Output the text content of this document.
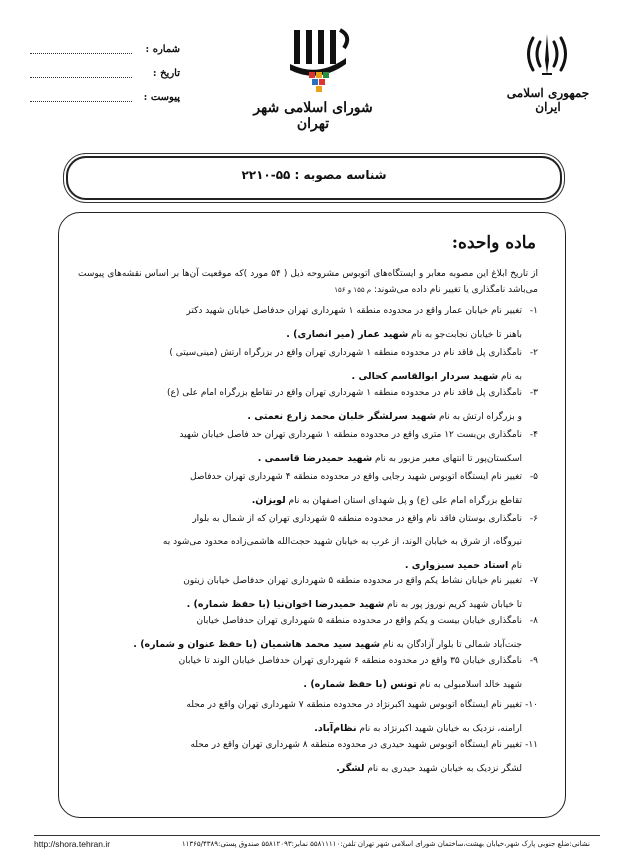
جمهوری اسلامی ایران
شورای اسلامی شهر تهران
شماره :
تاریخ :
پیوست :
شناسه مصوبه : ۵۵-۲۲۱۰
ماده واحده:
از تاریخ ابلاغ این مصوبه معابر و ایستگاه‌های اتوبوس مشروحه ذیل ( ۵۴ مورد )که موقعیت آن‌ها بر اساس نقشه‌های پیوست می‌باشد نامگذاری یا تغییر نام داده می‌شوند: م ۱۵۵ و ۱۵۶

۱-تغییر نام خیابان عمار واقع در محدوده منطقه ۱ شهرداری تهران حدفاصل خیابان شهید دکتر

باهنر تا خیابان نجابت‌جو به نام شهید عمار (میر انصاری) .

۲-نامگذاری پل فاقد نام در محدوده منطقه ۱ شهرداری تهران واقع در بزرگراه ارتش (مینی‌سیتی )

به نام شهید سردار ابوالقاسم کحالی .

۳-نامگذاری پل فاقد نام در محدوده منطقه ۱ شهرداری تهران واقع در تقاطع بزرگراه امام علی (ع)

و بزرگراه ارتش به نام شهید سرلشگر خلبان محمد زارع نعمتی .

۴-نامگذاری بن‌بست ۱۲ متری واقع در محدوده منطقه ۱ شهرداری تهران حد فاصل خیابان شهید

اسکستان‌پور تا انتهای معبر مزبور به نام شهید حمیدرضا قاسمی .

۵-تغییر نام ایستگاه اتوبوس شهید رجایی واقع در محدوده منطقه ۴ شهرداری تهران حدفاصل

تقاطع بزرگراه امام علی (ع) و پل شهدای استان اصفهان به نام لویزان.

۶-نامگذاری بوستان فاقد نام واقع در محدوده منطقه ۵ شهرداری تهران که از شمال به بلوار

نیروگاه، از شرق به خیابان الوند، از غرب به خیابان شهید حجت‌الله هاشمی‌زاده محدود می‌شود به

نام استاد حمید سبزواری .

۷-تغییر نام خیابان نشاط یکم واقع در محدوده منطقه ۵ شهرداری تهران حدفاصل خیابان زیتون

تا خیابان شهید کریم نوروز پور به نام شهید حمیدرضا اخوان‌نیا (با حفظ شماره) .

۸-نامگذاری خیابان بیست و یکم واقع در محدوده منطقه ۵ شهرداری تهران حدفاصل خیابان

جنت‌آباد شمالی تا بلوار آزادگان به نام شهید سید محمد هاشمیان (با حفظ عنوان و شماره) .

۹-نامگذاری خیابان ۳۵ واقع در محدوده منطقه ۶ شهرداری تهران حدفاصل خیابان الوند تا خیابان

شهید خالد اسلامبولی به نام تونس (با حفظ شماره) .

۱۰-تغییر نام ایستگاه اتوبوس شهید اکبرنژاد در محدوده منطقه ۷ شهرداری تهران واقع در محله

ارامنه، نزدیک به خیابان شهید اکبرنژاد به نام نظام‌آباد.

۱۱-تغییر نام ایستگاه اتوبوس شهید حیدری در محدوده منطقه ۸ شهرداری تهران واقع در محله

لشگر نزدیک به خیابان شهید حیدری به نام لشگر.

نشانی:ضلع جنوبی پارک شهر،خیابان بهشت،ساختمان شورای اسلامی شهر تهران تلفن:۵۵۸۱۱۱۱۰ نمابر:۵۵۸۱۲۰۹۳ صندوق پستی:۱۱۳۶۵/۴۳۸۹
http://shora.tehran.ir
